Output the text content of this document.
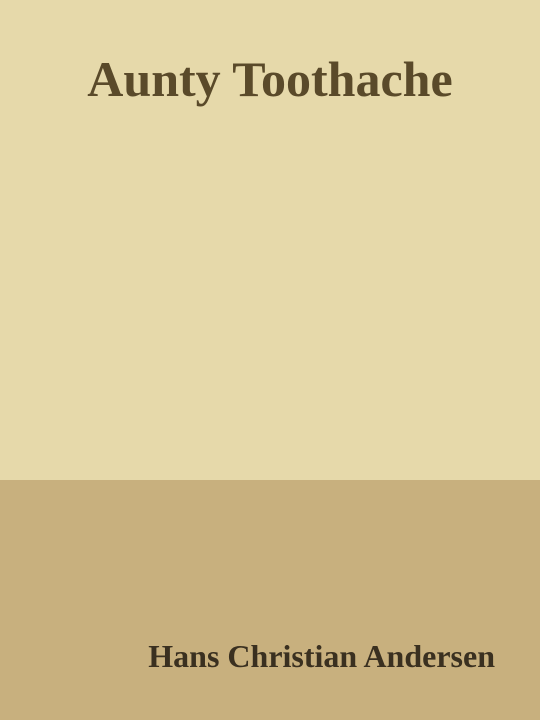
Aunty Toothache
Hans Christian Andersen
